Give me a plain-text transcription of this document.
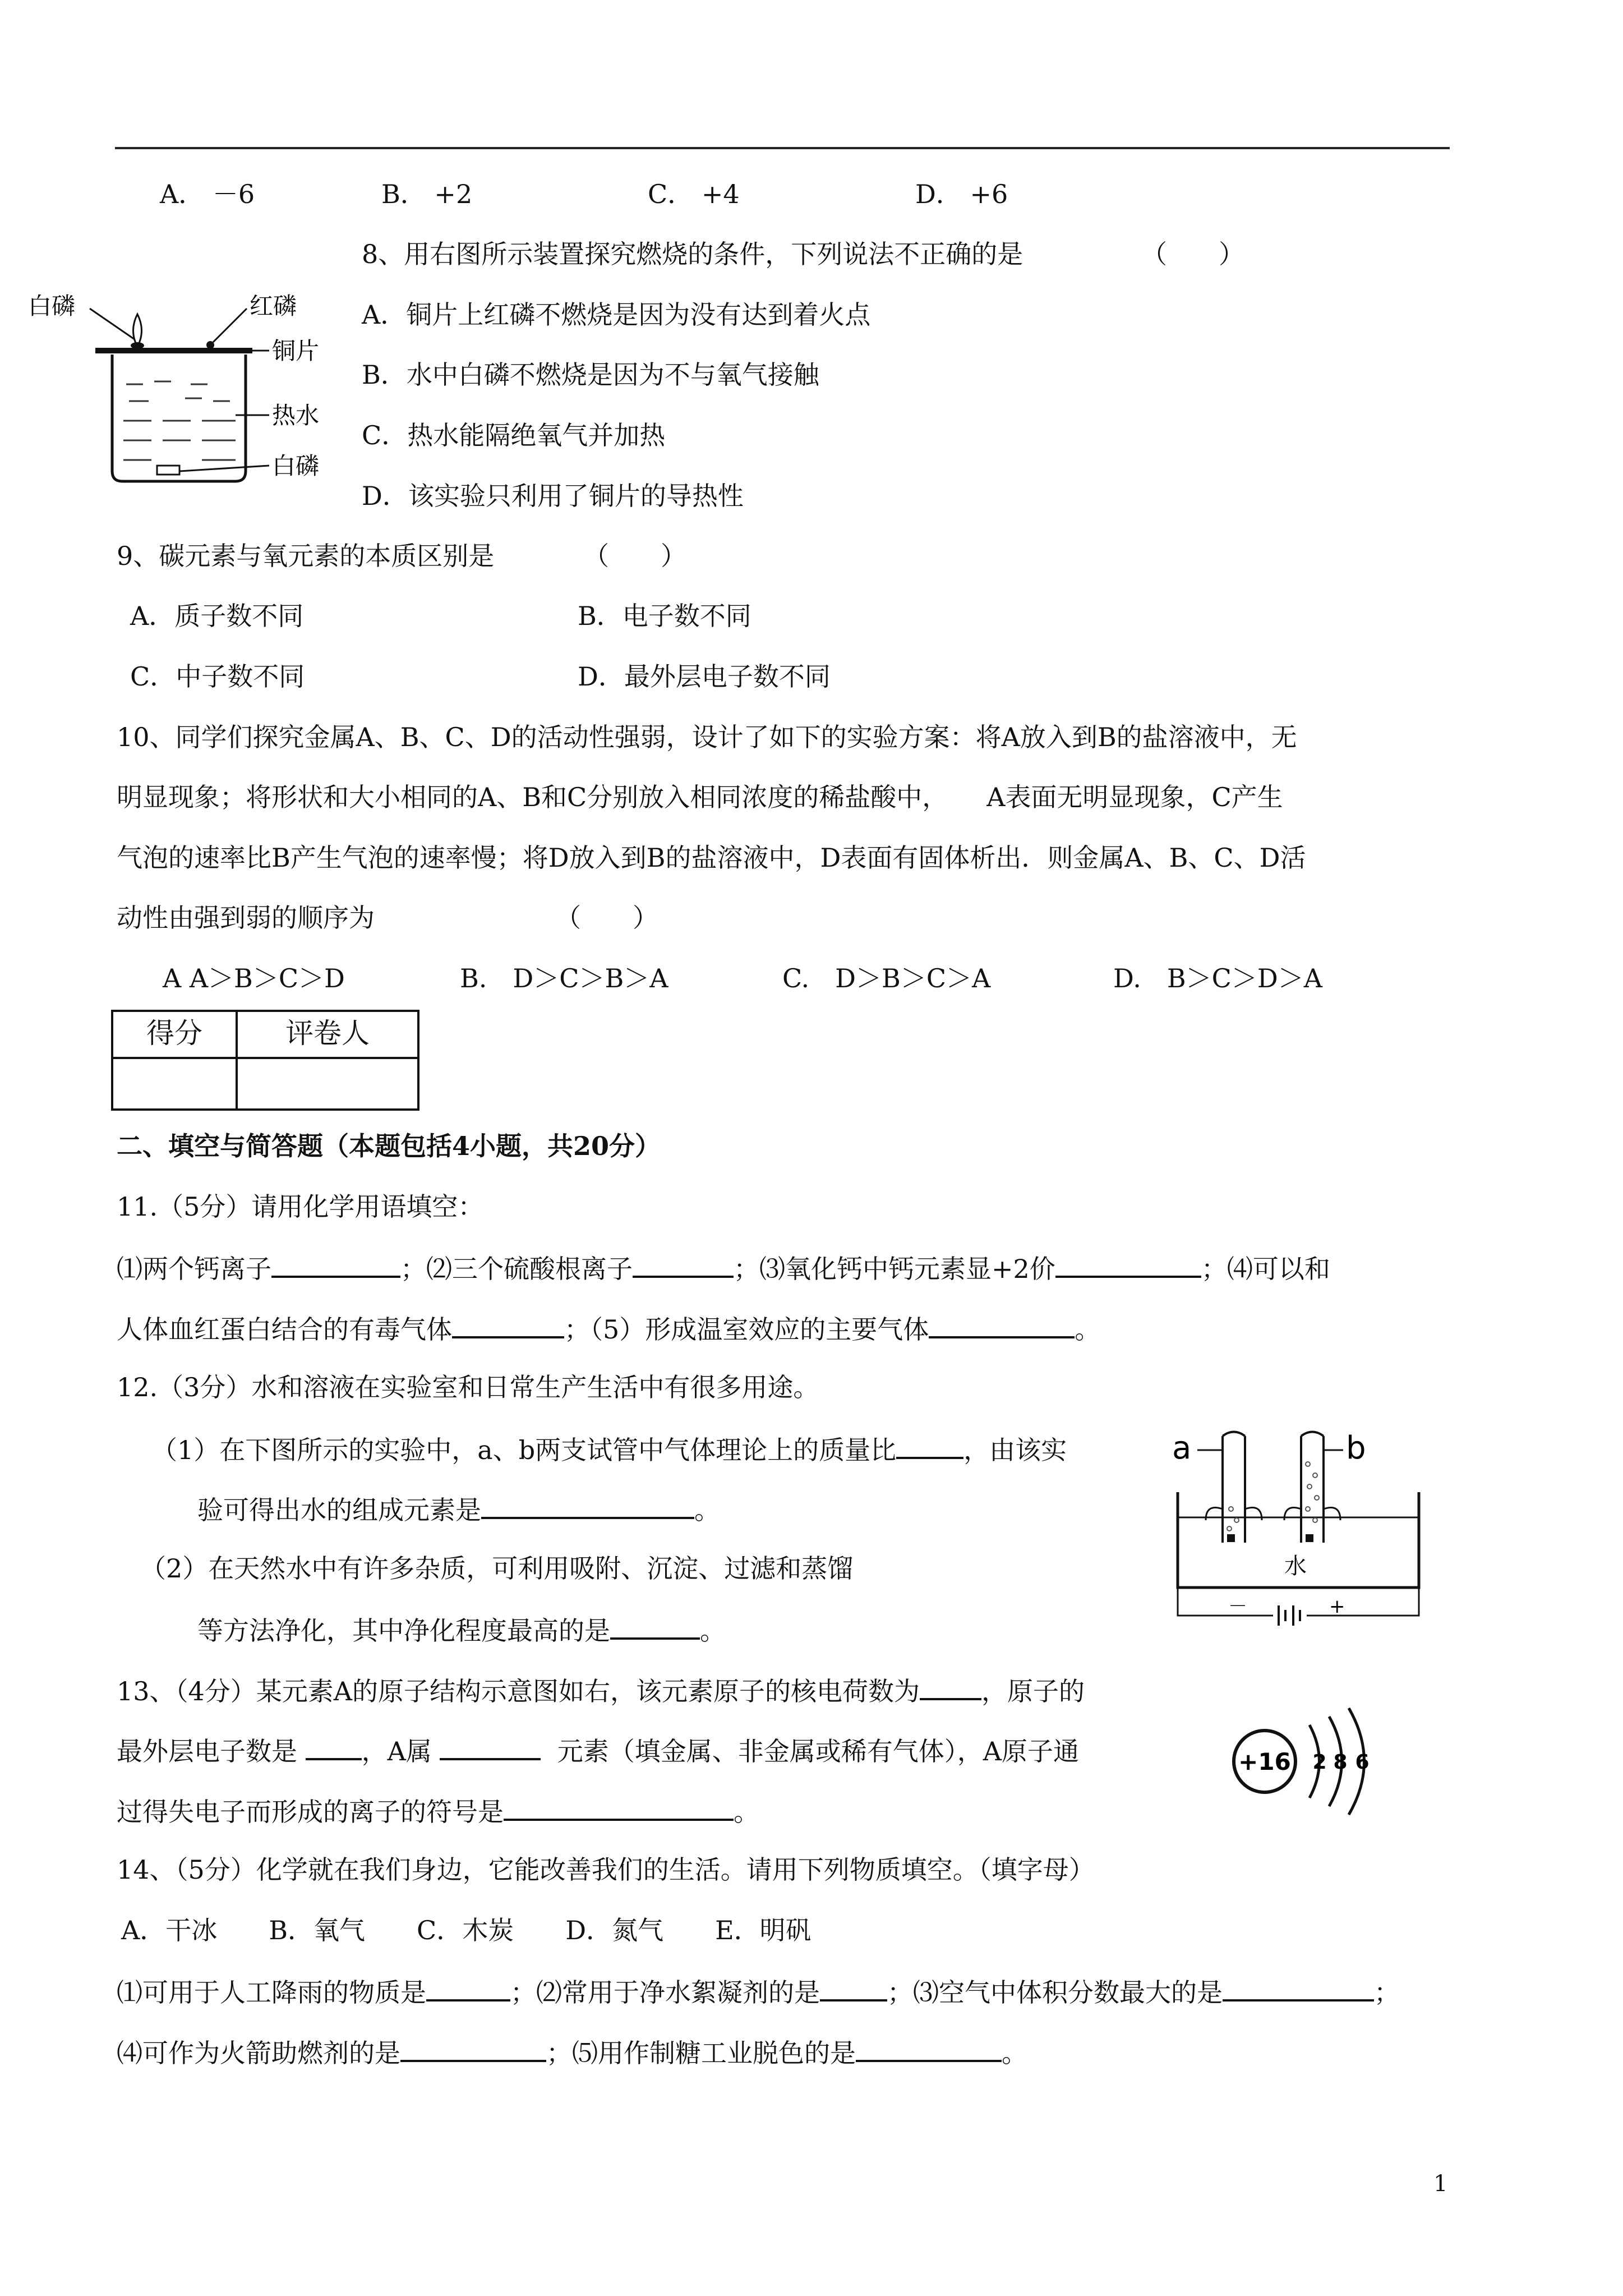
A． －6	B． +2	C． +4	D． +6
8、用右图所示装置探究燃烧的条件，下列说法不正确的是	（　　）
A．铜片上红磷不燃烧是因为没有达到着火点
B．水中白磷不燃烧是因为不与氧气接触
C．热水能隔绝氧气并加热
D．该实验只利用了铜片的导热性
白磷	红磷
铜片
热水
白磷
9、碳元素与氧元素的本质区别是	（　　）
A．质子数不同	B．电子数不同
C．中子数不同	D．最外层电子数不同
10、同学们探究金属A、B、C、D的活动性强弱，设计了如下的实验方案：将A放入到B的盐溶液中，无
明显现象；将形状和大小相同的A、B和C分别放入相同浓度的稀盐酸中，　　A表面无明显现象，C产生
气泡的速率比B产生气泡的速率慢；将D放入到B的盐溶液中，D表面有固体析出．则金属A、B、C、D活
动性由强到弱的顺序为	（　　）
A A＞B＞C＞D	B.　D＞C＞B＞A	C.　D＞B＞C＞A	D.　B＞C＞D＞A
得分	评卷人
二、填空与简答题（本题包括4小题，共20分）
11.（5分）请用化学用语填空：
⑴两个钙离子	；⑵三个硫酸根离子	；⑶氧化钙中钙元素显+2价	；⑷可以和
人体血红蛋白结合的有毒气体	；（5）形成温室效应的主要气体	。
12.（3分）水和溶液在实验室和日常生产生活中有很多用途。
（1）在下图所示的实验中，a、b两支试管中气体理论上的质量比	，由该实
验可得出水的组成元素是	。
（2）在天然水中有许多杂质，可利用吸附、沉淀、过滤和蒸馏
等方法净化，其中净化程度最高的是	。
a	b
水
－	+
13、（4分）某元素A的原子结构示意图如右，该元素原子的核电荷数为 ，原子的
最外层电子数是 ，A属	元素（填金属、非金属或稀有气体），A原子通
过得失电子而形成的离子的符号是	。
+16 2 8 6
14、（5分）化学就在我们身边，它能改善我们的生活。请用下列物质填空。（填字母）
A．干冰　　B．氧气　　C．木炭　　D．氮气　　E．明矾
⑴可用于人工降雨的物质是	；⑵常用于净水絮凝剂的是	；⑶空气中体积分数最大的是	；
⑷可作为火箭助燃剂的是	；⑸用作制糖工业脱色的是	。
1
